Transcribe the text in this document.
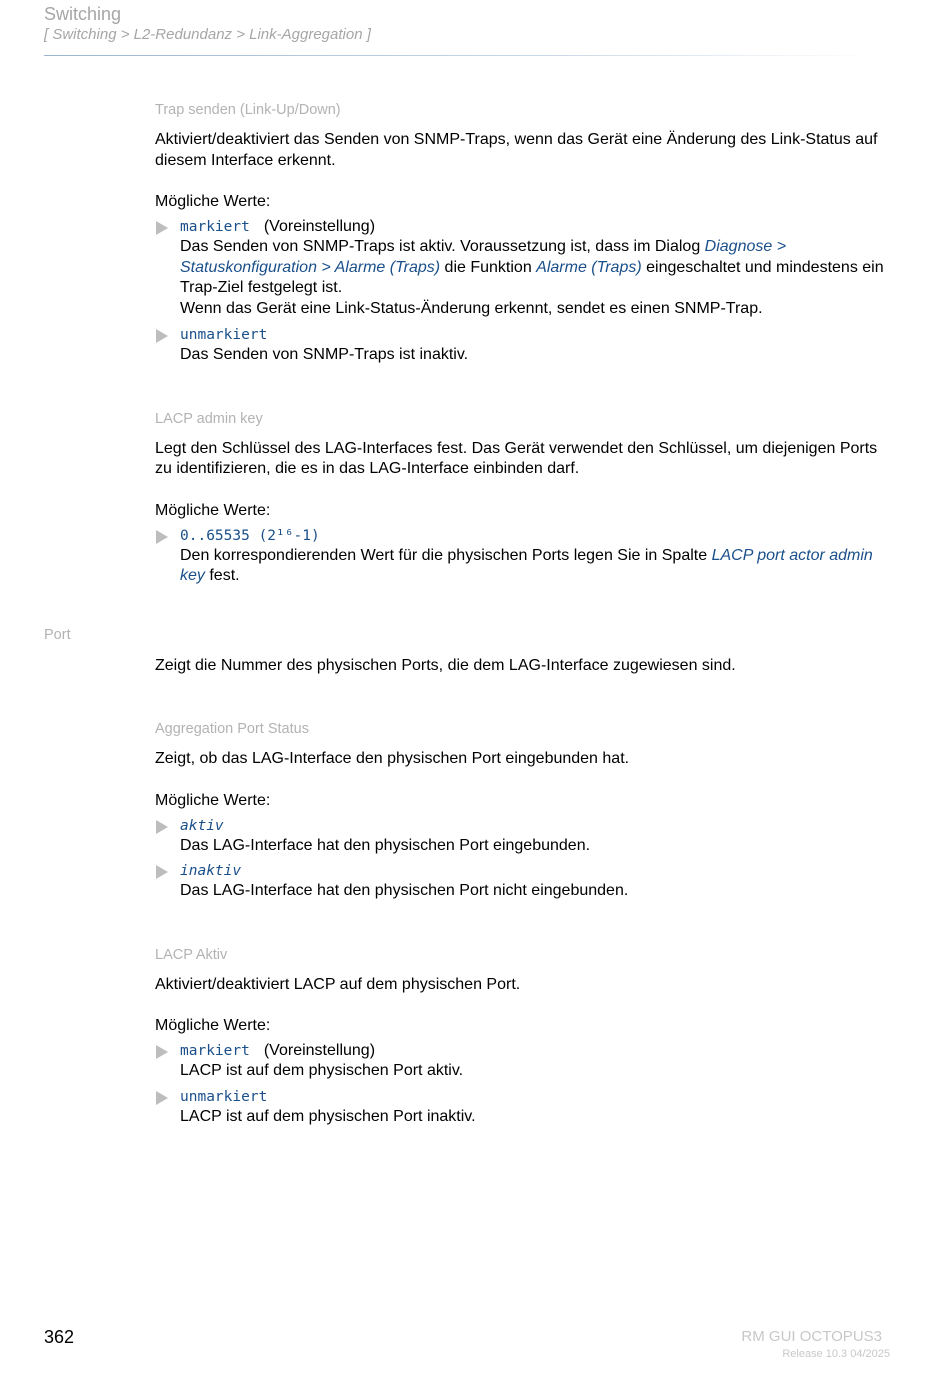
Switching
[ Switching > L2-Redundanz > Link-Aggregation ]
Trap senden (Link-Up/Down)
Aktiviert/deaktiviert das Senden von SNMP-Traps, wenn das Gerät eine Änderung des Link-Status auf diesem Interface erkennt.
Mögliche Werte:
markiert (Voreinstellung)
Das Senden von SNMP-Traps ist aktiv. Voraussetzung ist, dass im Dialog Diagnose > Statuskonfiguration > Alarme (Traps) die Funktion Alarme (Traps) eingeschaltet und mindestens ein Trap-Ziel festgelegt ist.
Wenn das Gerät eine Link-Status-Änderung erkennt, sendet es einen SNMP-Trap.
unmarkiert
Das Senden von SNMP-Traps ist inaktiv.
LACP admin key
Legt den Schlüssel des LAG-Interfaces fest. Das Gerät verwendet den Schlüssel, um diejenigen Ports zu identifizieren, die es in das LAG-Interface einbinden darf.
Mögliche Werte:
0..65535 (2¹⁶-1)
Den korrespondierenden Wert für die physischen Ports legen Sie in Spalte LACP port actor admin key fest.
Zeigt die Nummer des physischen Ports, die dem LAG-Interface zugewiesen sind.
Aggregation Port Status
Zeigt, ob das LAG-Interface den physischen Port eingebunden hat.
Mögliche Werte:
aktiv
Das LAG-Interface hat den physischen Port eingebunden.
inaktiv
Das LAG-Interface hat den physischen Port nicht eingebunden.
LACP Aktiv
Aktiviert/deaktiviert LACP auf dem physischen Port.
Mögliche Werte:
markiert (Voreinstellung)
LACP ist auf dem physischen Port aktiv.
unmarkiert
LACP ist auf dem physischen Port inaktiv.
Port
362	RM GUI OCTOPUS3
Release 10.3 04/2025
